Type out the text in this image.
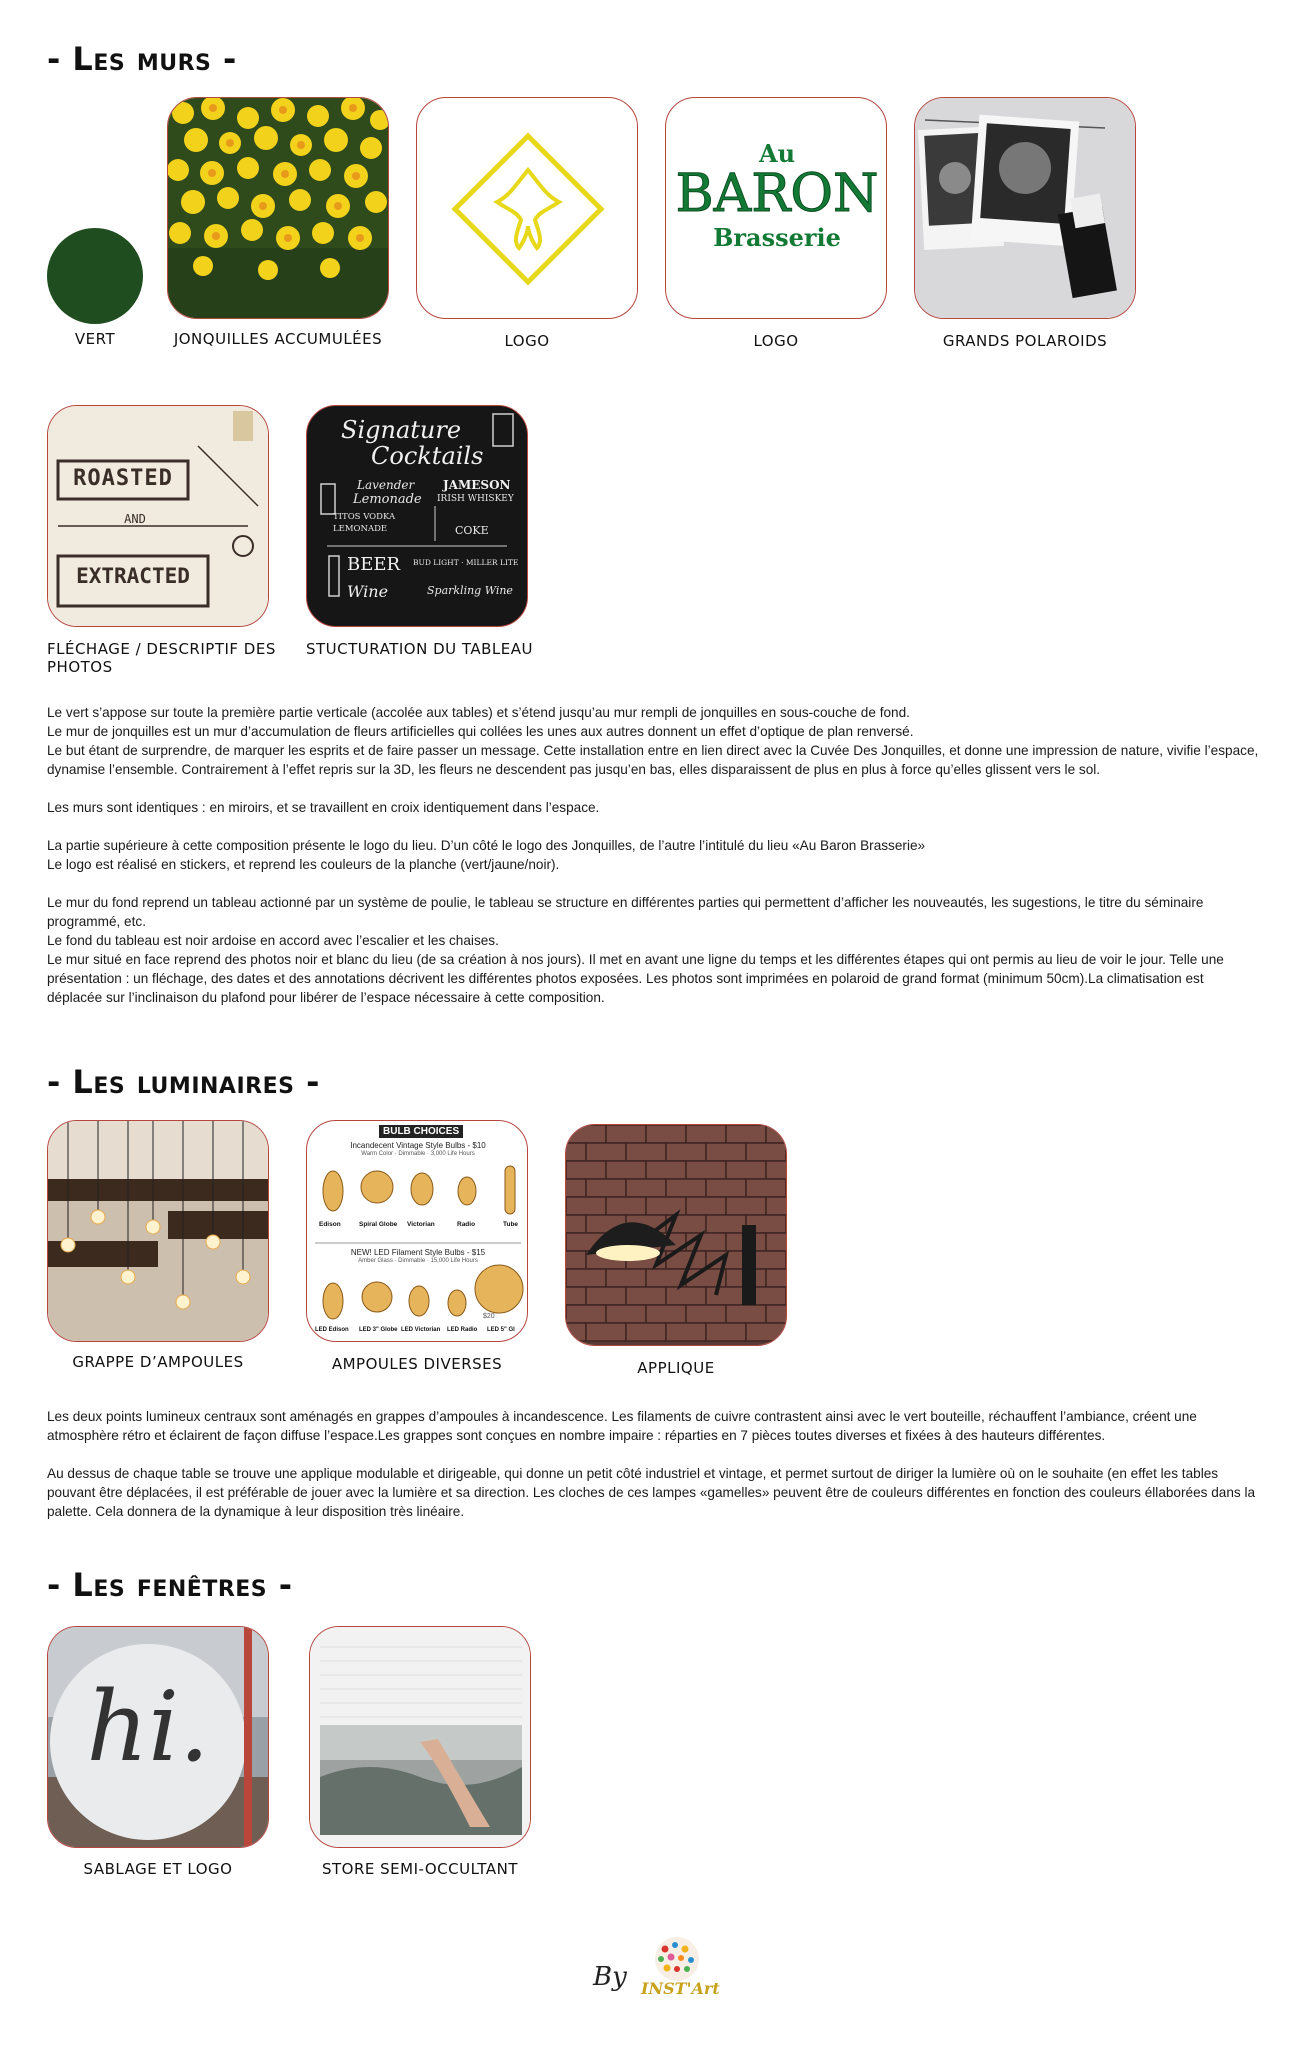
- Les murs -
VERT	JONQUILLES ACCUMULÉES	LOGO
Au
BARON
Brasserie
LOGO	GRANDS POLAROIDS
ROASTED
AND
EXTRACTED
FLÉCHAGE / DESCRIPTIF DES PHOTOS
Signature
Cocktails
Lavender
Lemonade
JAMESON
IRISH WHISKEY
TITOS VODKA
LEMONADE	COKE
BEER BUD LIGHT · MILLER LITE
Wine	Sparkling Wine
STUCTURATION DU TABLEAU

Le vert s’appose sur toute la première partie verticale (accolée aux tables) et s’étend jusqu’au mur rempli de jonquilles en sous-couche de fond.

Le mur de jonquilles est un mur d’accumulation de fleurs artificielles qui collées les unes aux autres donnent un effet d’optique de plan renversé.

Le but étant de surprendre, de marquer les esprits et de faire passer un message. Cette installation entre en lien direct avec la Cuvée Des Jonquilles, et donne une impression de nature, vivifie l’espace, dynamise l’ensemble. Contrairement à l’effet repris sur la 3D, les fleurs ne descendent pas jusqu’en bas, elles disparaissent de plus en plus à force qu’elles glissent vers le sol.

Les murs sont identiques : en miroirs, et se travaillent en croix identiquement dans l’espace.

La partie supérieure à cette composition présente le logo du lieu. D’un côté le logo des Jonquilles, de l’autre l’intitulé du lieu «Au Baron Brasserie»

Le logo est réalisé en stickers, et reprend les couleurs de la planche (vert/jaune/noir).

Le mur du fond reprend un tableau actionné par un système de poulie, le tableau se structure en différentes parties qui permettent d’afficher les nouveautés, les sugestions, le titre du séminaire programmé, etc.

Le fond du tableau est noir ardoise en accord avec l’escalier et les chaises.

Le mur situé en face reprend des photos noir et blanc du lieu (de sa création à nos jours). Il met en avant une ligne du temps et les différentes étapes qui ont permis au lieu de voir le jour. Telle une présentation : un fléchage, des dates et des annotations décrivent les différentes photos exposées. Les photos sont imprimées en polaroid de grand format (minimum 50cm).La climatisation est déplacée sur l’inclinaison du plafond pour libérer de l’espace nécessaire à cette composition.

- Les luminaires -
GRAPPE D’AMPOULES
BULB CHOICES
Incandecent Vintage Style Bulbs - $10
Warm Color · Dimmable · 3,000 Life Hours
NEW! LED Filament Style Bulbs - $15
Amber Glass · Dimmable · 15,000 Life Hours
Edison	Spiral Globe Victorian	Radio	Tube
LED Edison LED 3" Globe LED Victorian LED Radio LED 5" Gl
$20
AMPOULES DIVERSES	APPLIQUE

Les deux points lumineux centraux sont aménagés en grappes d’ampoules à incandescence. Les filaments de cuivre contrastent ainsi avec le vert bouteille, réchauffent l’ambiance, créent une atmosphère rétro et éclairent de façon diffuse l’espace.Les grappes sont conçues en nombre impaire : réparties en 7 pièces toutes diverses et fixées à des hauteurs différentes.

Au dessus de chaque table se trouve une applique modulable et dirigeable, qui donne un petit côté industriel et vintage, et permet surtout de diriger la lumière où on le souhaite (en effet les tables pouvant être déplacées, il est préférable de jouer avec la lumière et sa direction. Les cloches de ces lampes «gamelles» peuvent être de couleurs différentes en fonction des couleurs éllaborées dans la palette. Cela donnera de la dynamique à leur disposition très linéaire.

- Les fenêtres -
hi.
SABLAGE ET LOGO	STORE SEMI-OCCULTANT
By INST'Art
